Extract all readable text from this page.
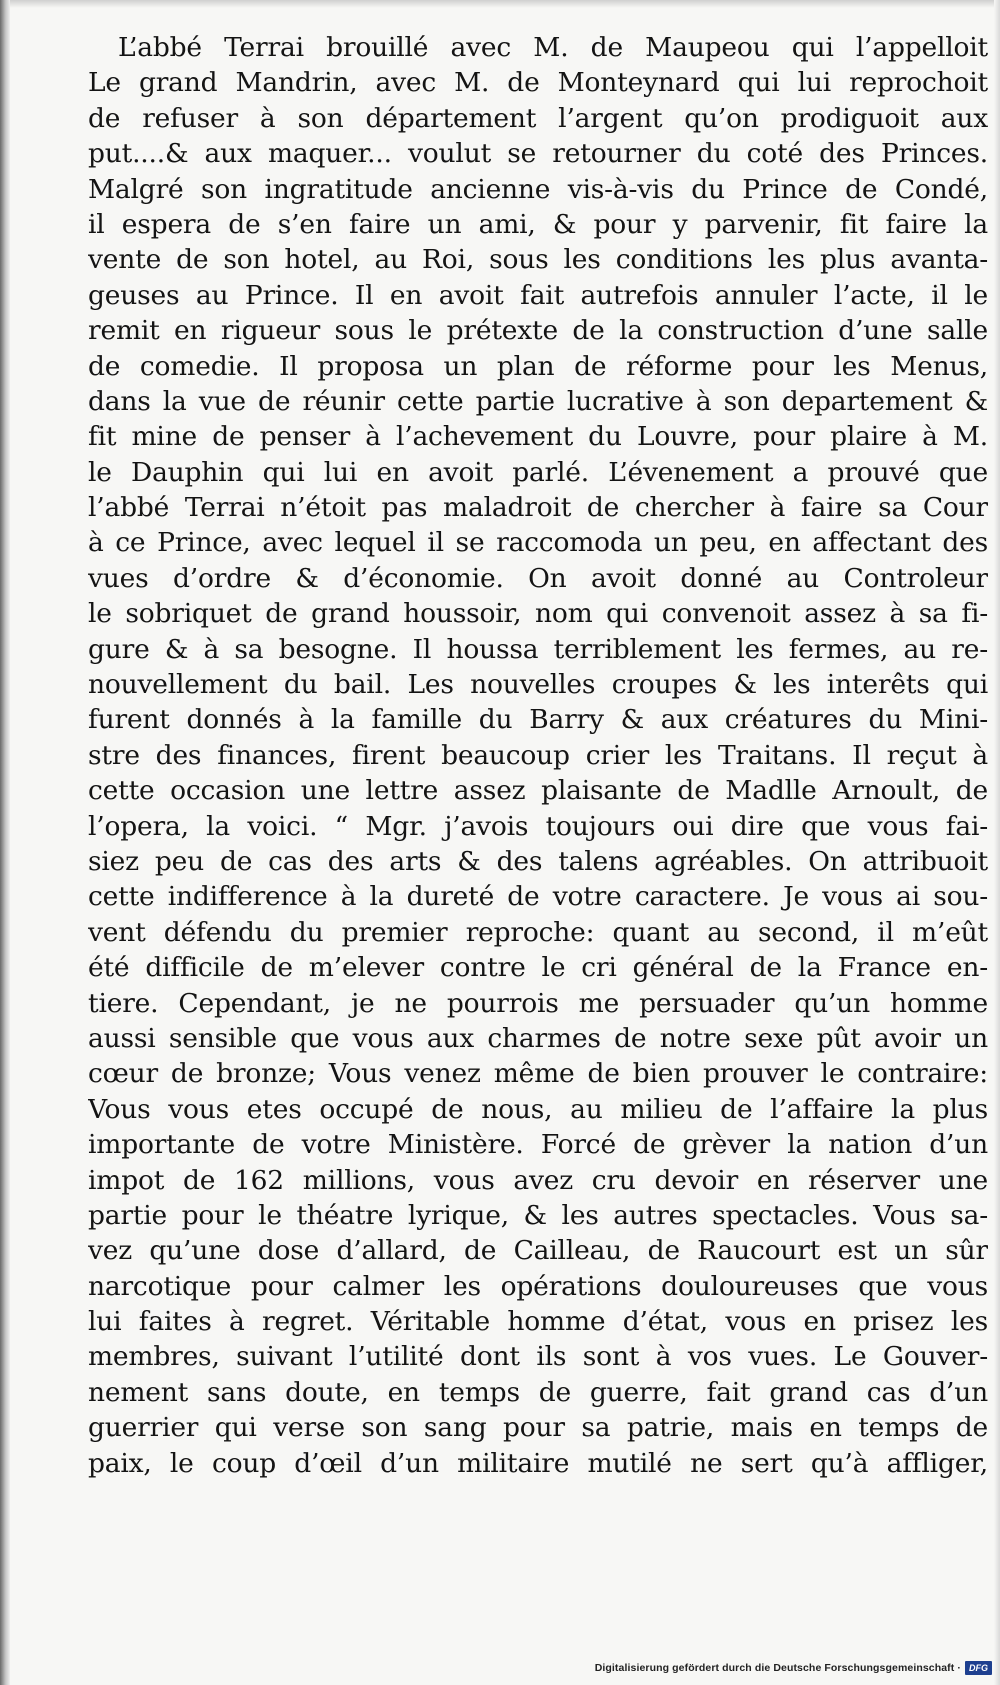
L’abbé Terrai brouillé avec M. de Maupeou qui l’appelloit
Le grand Mandrin, avec M. de Monteynard qui lui reprochoit
de refuser à son département l’argent qu’on prodiguoit aux
put....& aux maquer... voulut se retourner du coté des Princes.
Malgré son ingratitude ancienne vis-à-vis du Prince de Condé,
il espera de s’en faire un ami, & pour y parvenir, fit faire la
vente de son hotel, au Roi, sous les conditions les plus avanta-
geuses au Prince. Il en avoit fait autrefois annuler l’acte, il le
remit en rigueur sous le prétexte de la construction d’une salle
de comedie. Il proposa un plan de réforme pour les Menus,
dans la vue de réunir cette partie lucrative à son departement &
fit mine de penser à l’achevement du Louvre, pour plaire à M.
le Dauphin qui lui en avoit parlé. L’évenement a prouvé que
l’abbé Terrai n’étoit pas maladroit de chercher à faire sa Cour
à ce Prince, avec lequel il se raccomoda un peu, en affectant des
vues d’ordre & d’économie. On avoit donné au Controleur
le sobriquet de grand houssoir, nom qui convenoit assez à sa fi-
gure & à sa besogne. Il houssa terriblement les fermes, au re-
nouvellement du bail. Les nouvelles croupes & les interêts qui
furent donnés à la famille du Barry & aux créatures du Mini-
stre des finances, firent beaucoup crier les Traitans. Il reçut à
cette occasion une lettre assez plaisante de Madlle Arnoult, de
l’opera, la voici. “ Mgr. j’avois toujours oui dire que vous fai-
siez peu de cas des arts & des talens agréables. On attribuoit
cette indifference à la dureté de votre caractere. Je vous ai sou-
vent défendu du premier reproche: quant au second, il m’eût
été difficile de m’elever contre le cri général de la France en-
tiere. Cependant, je ne pourrois me persuader qu’un homme
aussi sensible que vous aux charmes de notre sexe pût avoir un
cœur de bronze; Vous venez même de bien prouver le contraire:
Vous vous etes occupé de nous, au milieu de l’affaire la plus
importante de votre Ministère. Forcé de grèver la nation d’un
impot de 162 millions, vous avez cru devoir en réserver une
partie pour le théatre lyrique, & les autres spectacles. Vous sa-
vez qu’une dose d’allard, de Cailleau, de Raucourt est un sûr
narcotique pour calmer les opérations douloureuses que vous
lui faites à regret. Véritable homme d’état, vous en prisez les
membres, suivant l’utilité dont ils sont à vos vues. Le Gouver-
nement sans doute, en temps de guerre, fait grand cas d’un
guerrier qui verse son sang pour sa patrie, mais en temps de
paix, le coup d’œil d’un militaire mutilé ne sert qu’à affliger,
Digitalisierung gefördert durch die Deutsche Forschungsgemeinschaft · DFG
